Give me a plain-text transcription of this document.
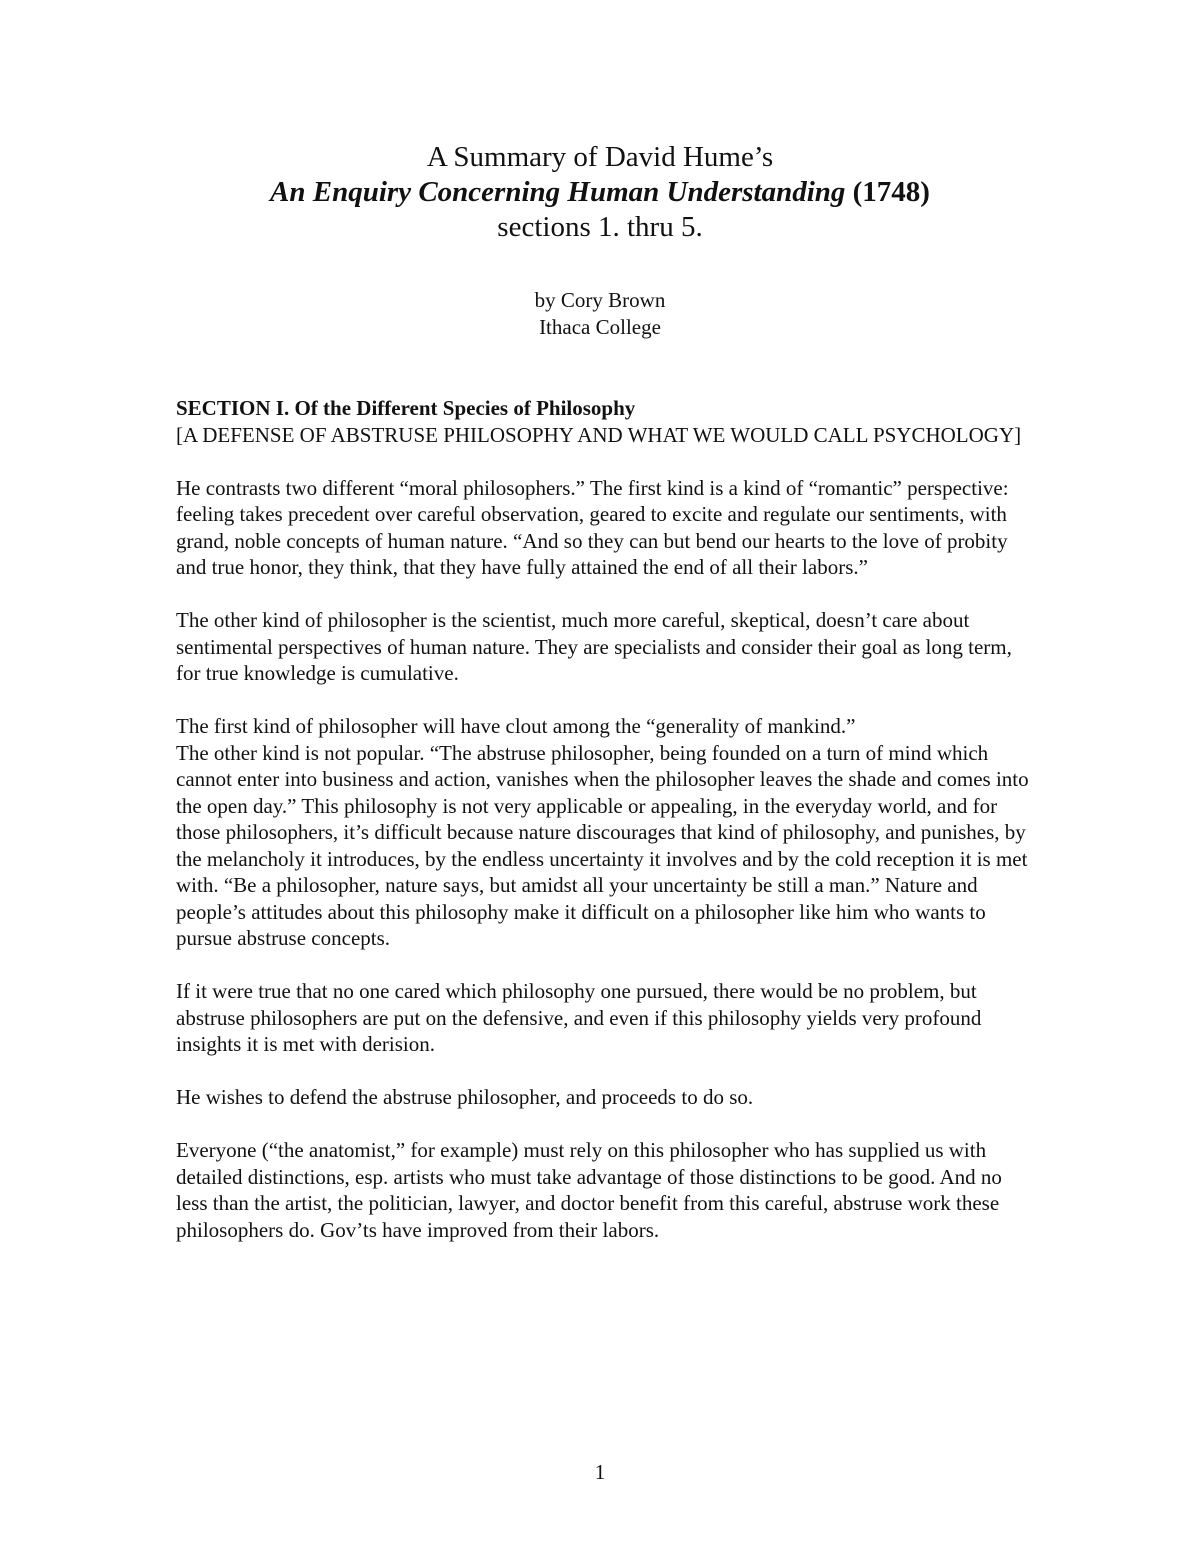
A Summary of David Hume’s

An Enquiry Concerning Human Understanding (1748)

sections 1. thru 5.

by Cory Brown
Ithaca College

SECTION I. Of the Different Species of Philosophy

[A DEFENSE OF ABSTRUSE PHILOSOPHY AND WHAT WE WOULD CALL PSYCHOLOGY]

He contrasts two different “moral philosophers.” The first kind is a kind of “romantic” perspective: feeling takes precedent over careful observation, geared to excite and regulate our sentiments, with grand, noble concepts of human nature. “And so they can but bend our hearts to the love of probity and true honor, they think, that they have fully attained the end of all their labors.”

The other kind of philosopher is the scientist, much more careful, skeptical, doesn’t care about sentimental perspectives of human nature. They are specialists and consider their goal as long term, for true knowledge is cumulative.

The first kind of philosopher will have clout among the “generality of mankind.”

The other kind is not popular. “The abstruse philosopher, being founded on a turn of mind which cannot enter into business and action, vanishes when the philosopher leaves the shade and comes into the open day.” This philosophy is not very applicable or appealing, in the everyday world, and for those philosophers, it’s difficult because nature discourages that kind of philosophy, and punishes, by the melancholy it introduces, by the endless uncertainty it involves and by the cold reception it is met with. “Be a philosopher, nature says, but amidst all your uncertainty be still a man.” Nature and people’s attitudes about this philosophy make it difficult on a philosopher like him who wants to pursue abstruse concepts.

If it were true that no one cared which philosophy one pursued, there would be no problem, but abstruse philosophers are put on the defensive, and even if this philosophy yields very profound insights it is met with derision.

He wishes to defend the abstruse philosopher, and proceeds to do so.

Everyone (“the anatomist,” for example) must rely on this philosopher who has supplied us with detailed distinctions, esp. artists who must take advantage of those distinctions to be good. And no less than the artist, the politician, lawyer, and doctor benefit from this careful, abstruse work these philosophers do. Gov’ts have improved from their labors.

1
